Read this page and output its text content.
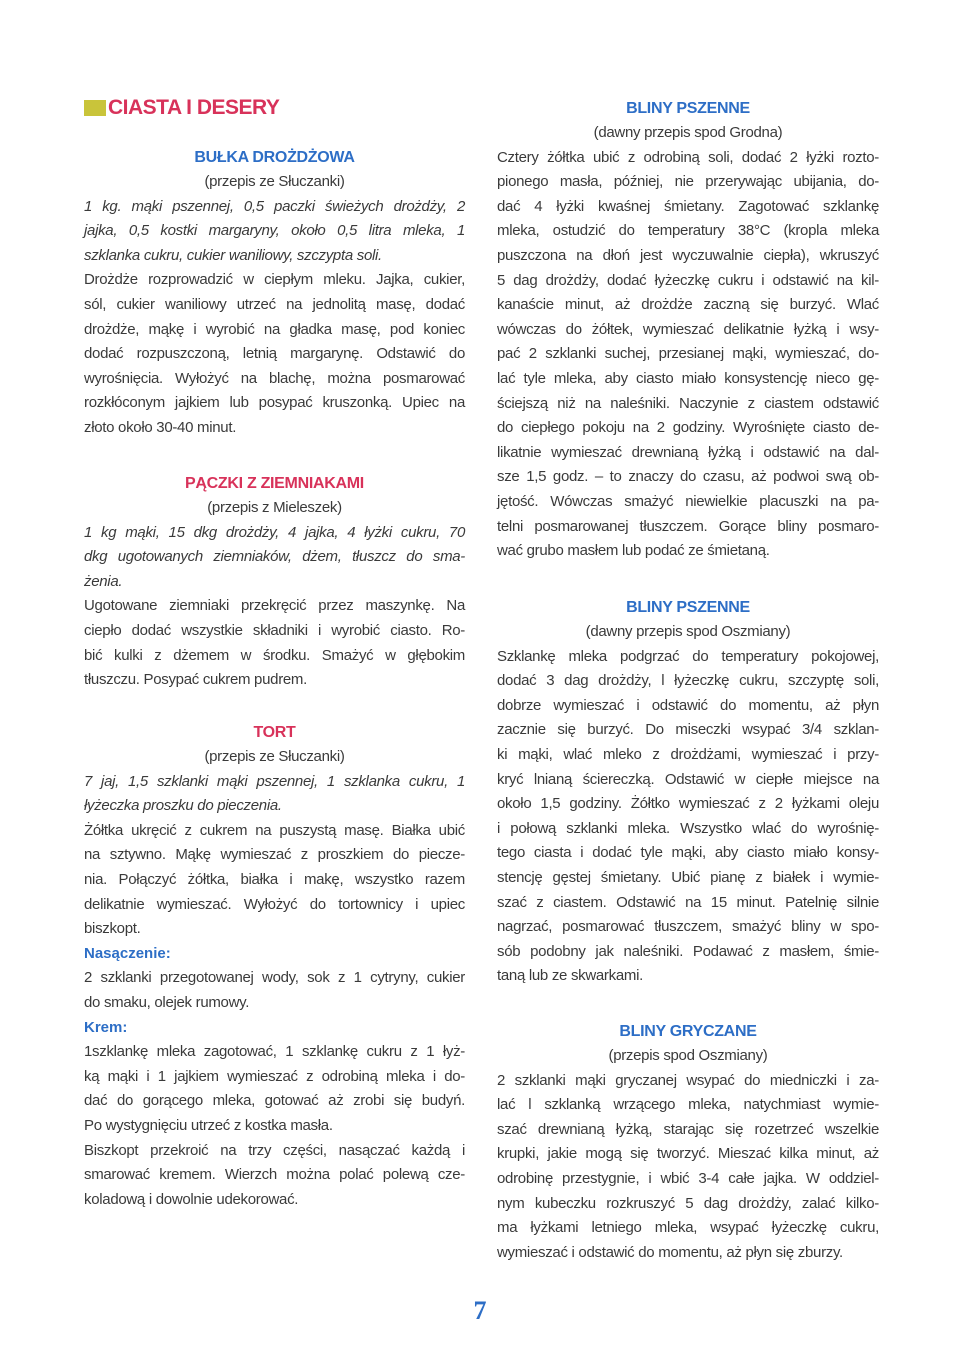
CIASTA I DESERY
BUŁKA DROŻDŻOWA
(przepis ze Słuczanki)
1 kg. mąki pszennej, 0,5 paczki świeżych drożdży, 2
jajka, 0,5 kostki margaryny, około 0,5 litra mleka, 1
szklanka cukru, cukier waniliowy, szczypta soli.
Drożdże rozprowadzić w ciepłym mleku. Jajka, cukier,
sól, cukier waniliowy utrzeć na jednolitą masę, dodać
drożdże, mąkę i wyrobić na gładka masę, pod koniec
dodać rozpuszczoną, letnią margarynę. Odstawić do
wyrośnięcia. Wyłożyć na blachę, można posmarować
rozkłóconym jajkiem lub posypać kruszonką. Upiec na
złoto około 30-40 minut.
PĄCZKI Z ZIEMNIAKAMI
(przepis z Mieleszek)
1 kg mąki, 15 dkg drożdży, 4 jajka, 4 łyżki cukru, 70
dkg ugotowanych ziemniaków, dżem, tłuszcz do sma-
żenia.
Ugotowane ziemniaki przekręcić przez maszynkę. Na
ciepło dodać wszystkie składniki i wyrobić ciasto. Ro-
bić kulki z dżemem w środku. Smażyć w głębokim
tłuszczu. Posypać cukrem pudrem.
TORT
(przepis ze Słuczanki)
7 jaj, 1,5 szklanki mąki pszennej, 1 szklanka cukru, 1
łyżeczka proszku do pieczenia.
Żółtka ukręcić z cukrem na puszystą masę. Białka ubić
na sztywno. Mąkę wymieszać z proszkiem do piecze-
nia. Połączyć żółtka, białka i makę, wszystko razem
delikatnie wymieszać. Wyłożyć do tortownicy i upiec
biszkopt.
Nasączenie:
2 szklanki przegotowanej wody, sok z 1 cytryny, cukier
do smaku, olejek rumowy.
Krem:
1szklankę mleka zagotować, 1 szklankę cukru z 1 łyż-
ką mąki i 1 jajkiem wymieszać z odrobiną mleka i do-
dać do gorącego mleka, gotować aż zrobi się budyń.
Po wystygnięciu utrzeć z kostka masła.
Biszkopt przekroić na trzy części, nasączać każdą i
smarować kremem. Wierzch można polać polewą cze-
koladową i dowolnie udekorować.
BLINY PSZENNE
(dawny przepis spod Grodna)
Cztery żółtka ubić z odrobiną soli, dodać 2 łyżki rozto-
pionego masła, później, nie przerywając ubijania, do-
dać 4 łyżki kwaśnej śmietany. Zagotować szklankę
mleka, ostudzić do temperatury 38°C (kropla mleka
puszczona na dłoń jest wyczuwalnie ciepła), wkruszyć
5 dag drożdży, dodać łyżeczkę cukru i odstawić na kil-
kanaście minut, aż drożdże zaczną się burzyć. Wlać
wówczas do żółtek, wymieszać delikatnie łyżką i wsy-
pać 2 szklanki suchej, przesianej mąki, wymieszać, do-
lać tyle mleka, aby ciasto miało konsystencję nieco gę-
ściejszą niż na naleśniki. Naczynie z ciastem odstawić
do ciepłego pokoju na 2 godziny. Wyrośnięte ciasto de-
likatnie wymieszać drewnianą łyżką i odstawić na dal-
sze 1,5 godz. – to znaczy do czasu, aż podwoi swą ob-
jętość. Wówczas smażyć niewielkie placuszki na pa-
telni posmarowanej tłuszczem. Gorące bliny posmaro-
wać grubo masłem lub podać ze śmietaną.
BLINY PSZENNE
(dawny przepis spod Oszmiany)
Szklankę mleka podgrzać do temperatury pokojowej,
dodać 3 dag drożdży, l łyżeczkę cukru, szczyptę soli,
dobrze wymieszać i odstawić do momentu, aż płyn
zacznie się burzyć. Do miseczki wsypać 3/4 szklan-
ki mąki, wlać mleko z drożdżami, wymieszać i przy-
kryć lnianą ściereczką. Odstawić w ciepłe miejsce na
około 1,5 godziny. Żółtko wymieszać z 2 łyżkami oleju
i połową szklanki mleka. Wszystko wlać do wyrośnię-
tego ciasta i dodać tyle mąki, aby ciasto miało konsy-
stencję gęstej śmietany. Ubić pianę z białek i wymie-
szać z ciastem. Odstawić na 15 minut. Patelnię silnie
nagrzać, posmarować tłuszczem, smażyć bliny w spo-
sób podobny jak naleśniki. Podawać z masłem, śmie-
taną lub ze skwarkami.
BLINY GRYCZANE
(przepis spod Oszmiany)
2 szklanki mąki gryczanej wsypać do miedniczki i za-
lać l szklanką wrzącego mleka, natychmiast wymie-
szać drewnianą łyżką, starając się rozetrzeć wszelkie
krupki, jakie mogą się tworzyć. Mieszać kilka minut, aż
odrobinę przestygnie, i wbić 3-4 całe jajka. W oddziel-
nym kubeczku rozkruszyć 5 dag drożdży, zalać kilko-
ma łyżkami letniego mleka, wsypać łyżeczkę cukru,
wymieszać i odstawić do momentu, aż płyn się zburzy.
7
